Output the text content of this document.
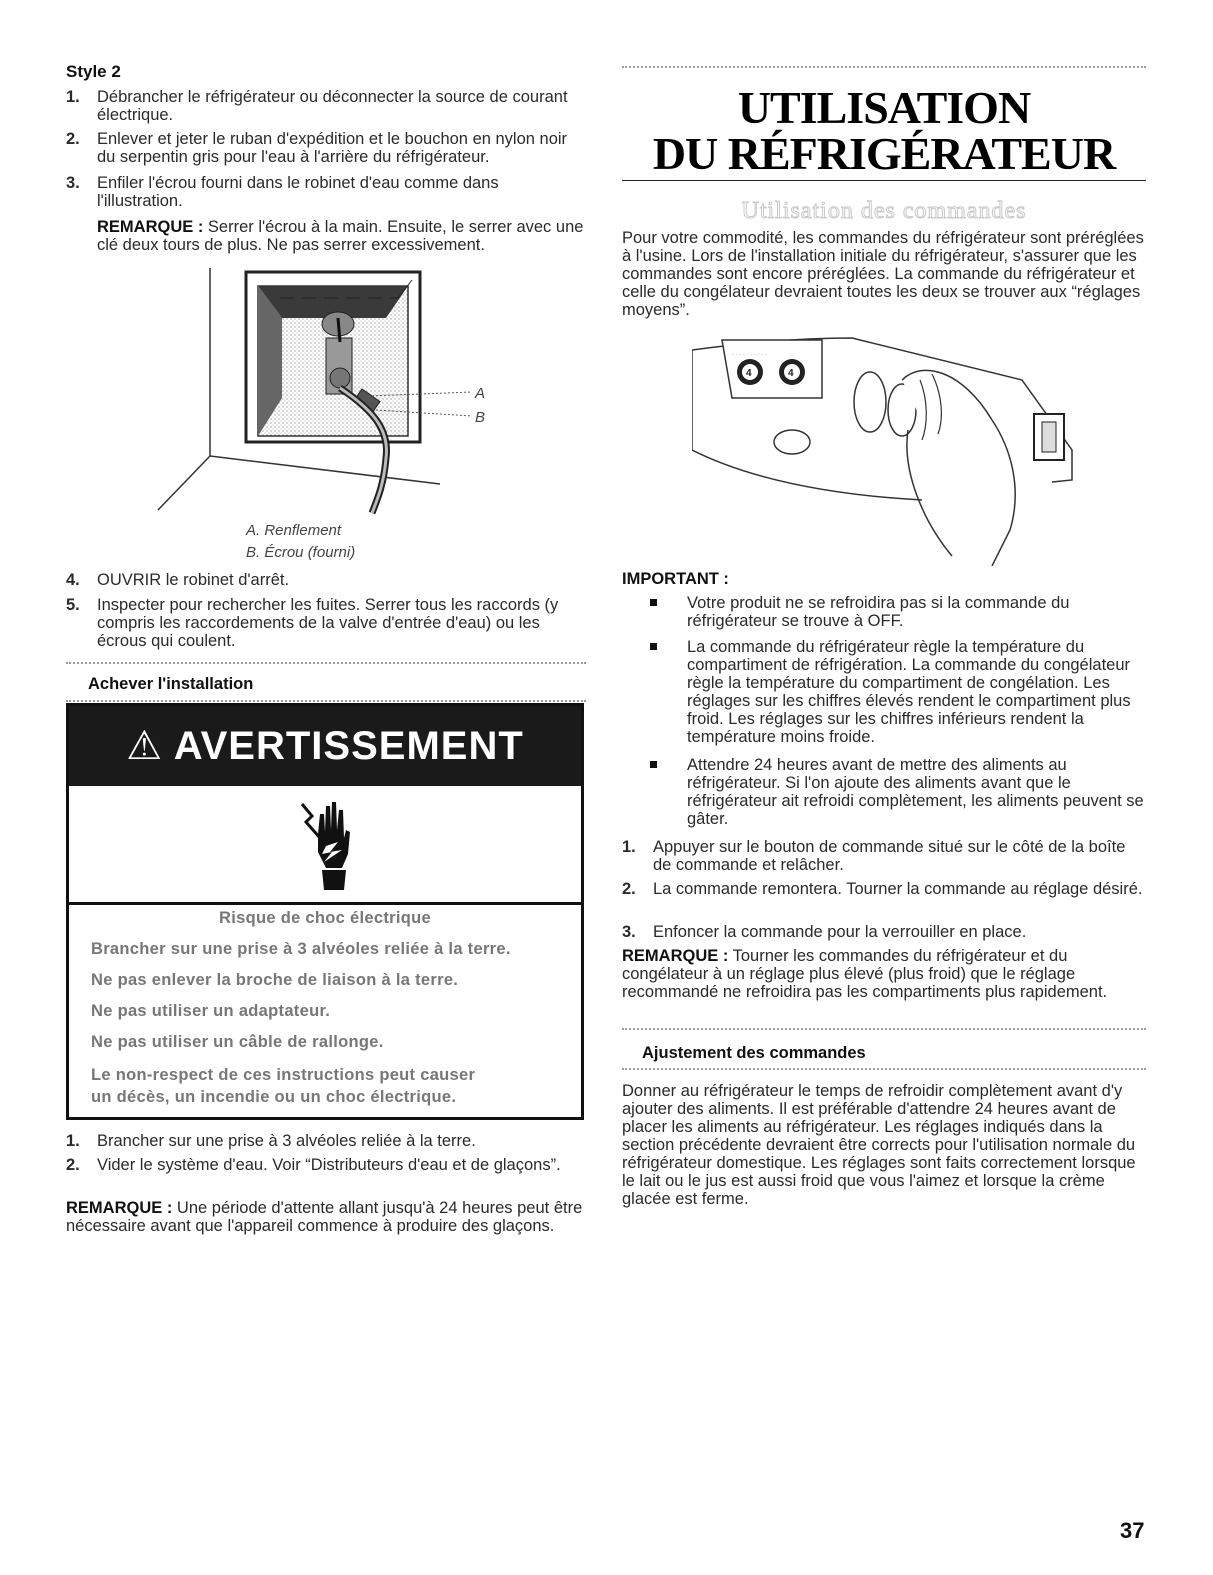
Style 2
1. Débrancher le réfrigérateur ou déconnecter la source de courant électrique.
2. Enlever et jeter le ruban d'expédition et le bouchon en nylon noir du serpentin gris pour l'eau à l'arrière du réfrigérateur.
3. Enfiler l'écrou fourni dans le robinet d'eau comme dans l'illustration.
REMARQUE : Serrer l'écrou à la main. Ensuite, le serrer avec une clé deux tours de plus. Ne pas serrer excessivement.
A
B
A. Renflement
B. Écrou (fourni)
4. OUVRIR le robinet d'arrêt.
5. Inspecter pour rechercher les fuites. Serrer tous les raccords (y compris les raccordements de la valve d'entrée d'eau) ou les écrous qui coulent.
Achever l'installation
⚠ AVERTISSEMENT
Risque de choc électrique
Brancher sur une prise à 3 alvéoles reliée à la terre.
Ne pas enlever la broche de liaison à la terre.
Ne pas utiliser un adaptateur.
Ne pas utiliser un câble de rallonge.
Le non-respect de ces instructions peut causer
un décès, un incendie ou un choc électrique.
1. Brancher sur une prise à 3 alvéoles reliée à la terre.
2. Vider le système d'eau. Voir “Distributeurs d'eau et de glaçons”.
REMARQUE : Une période d'attente allant jusqu'à 24 heures peut être nécessaire avant que l'appareil commence à produire des glaçons.
UTILISATION
DU RÉFRIGÉRATEUR
Utilisation des commandes
Pour votre commodité, les commandes du réfrigérateur sont préréglées à l'usine. Lors de l'installation initiale du réfrigérateur, s'assurer que les commandes sont encore préréglées. La commande du réfrigérateur et celle du congélateur devraient toutes les deux se trouver aux “réglages moyens”.
· · · · · · · · · ·
4	4
IMPORTANT :
Votre produit ne se refroidira pas si la commande du réfrigérateur se trouve à OFF.
La commande du réfrigérateur règle la température du compartiment de réfrigération. La commande du congélateur règle la température du compartiment de congélation. Les réglages sur les chiffres élevés rendent le compartiment plus froid. Les réglages sur les chiffres inférieurs rendent la température moins froide.
Attendre 24 heures avant de mettre des aliments au réfrigérateur. Si l'on ajoute des aliments avant que le réfrigérateur ait refroidi complètement, les aliments peuvent se gâter.
1. Appuyer sur le bouton de commande situé sur le côté de la boîte de commande et relâcher.
2. La commande remontera. Tourner la commande au réglage désiré.
3. Enfoncer la commande pour la verrouiller en place.
REMARQUE : Tourner les commandes du réfrigérateur et du congélateur à un réglage plus élevé (plus froid) que le réglage recommandé ne refroidira pas les compartiments plus rapidement.
Ajustement des commandes
Donner au réfrigérateur le temps de refroidir complètement avant d'y ajouter des aliments. Il est préférable d'attendre 24 heures avant de placer les aliments au réfrigérateur. Les réglages indiqués dans la section précédente devraient être corrects pour l'utilisation normale du réfrigérateur domestique. Les réglages sont faits correctement lorsque le lait ou le jus est aussi froid que vous l'aimez et lorsque la crème glacée est ferme.
37
